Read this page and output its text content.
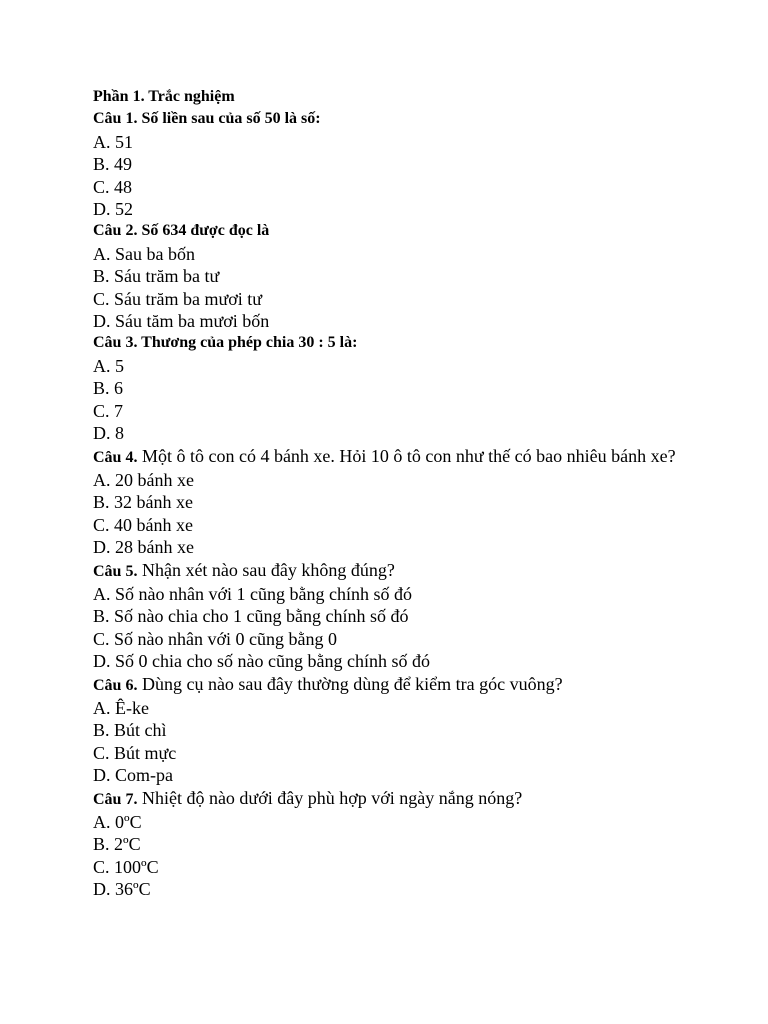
Phần 1. Trắc nghiệm
Câu 1. Số liền sau của số 50 là số:
A. 51
B. 49
C. 48
D. 52
Câu 2. Số 634 được đọc là
A. Sau ba bốn
B. Sáu trăm ba tư
C. Sáu trăm ba mươi tư
D. Sáu tăm ba mươi bốn
Câu 3. Thương của phép chia 30 : 5 là:
A. 5
B. 6
C. 7
D. 8
Câu 4. Một ô tô con có 4 bánh xe. Hỏi 10 ô tô con như thế có bao nhiêu bánh xe?
A. 20 bánh xe
B. 32 bánh xe
C. 40 bánh xe
D. 28 bánh xe
Câu 5. Nhận xét nào sau đây không đúng?
A. Số nào nhân với 1 cũng bằng chính số đó
B. Số nào chia cho 1 cũng bằng chính số đó
C. Số nào nhân với 0 cũng bằng 0
D. Số 0 chia cho số nào cũng bằng chính số đó
Câu 6. Dùng cụ nào sau đây thường dùng để kiểm tra góc vuông?
A. Ê-ke
B. Bút chì
C. Bút mực
D. Com-pa
Câu 7. Nhiệt độ nào dưới đây phù hợp với ngày nắng nóng?
A. 0ºC
B. 2ºC
C. 100ºC
D. 36ºC
